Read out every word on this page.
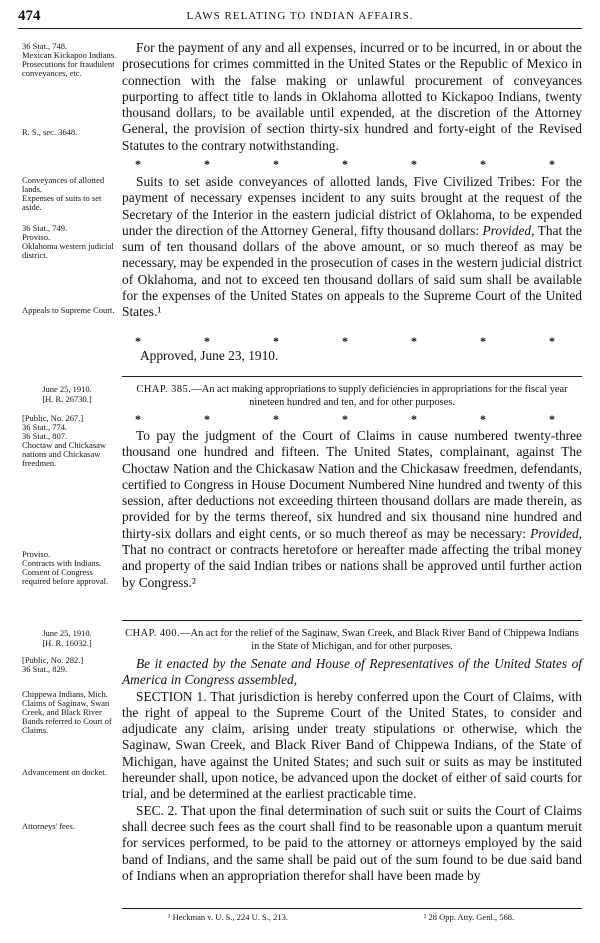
474	LAWS RELATING TO INDIAN AFFAIRS.
36 Stat., 748.
Mexican Kickapoo Indians.
Prosecutions for fraudulent conveyances, etc.
R. S., sec. 3648.

For the payment of any and all expenses, incurred or to be incurred, in or about the prosecutions for crimes committed in the United States or the Republic of Mexico in connection with the false making or unlawful procurement of conveyances purporting to affect title to lands in Oklahoma allotted to Kickapoo Indians, twenty thousand dollars, to be available until expended, at the discretion of the Attorney General, the provision of section thirty-six hundred and forty-eight of the Revised Statutes to the contrary notwithstanding.

*	*	*	*	*	*	*
Conveyances of allotted lands.
Expenses of suits to set aside.
36 Stat., 749.
Proviso.
Oklahoma western judicial district.
Appeals to Supreme Court.

Suits to set aside conveyances of allotted lands, Five Civilized Tribes: For the payment of necessary expenses incident to any suits brought at the request of the Secretary of the Interior in the eastern judicial district of Oklahoma, to be expended under the direction of the Attorney General, fifty thousand dollars: Provided, That the sum of ten thousand dollars of the above amount, or so much thereof as may be necessary, may be expended in the prosecution of cases in the western judicial district of Oklahoma, and not to exceed ten thousand dollars of said sum shall be available for the expenses of the United States on appeals to the Supreme Court of the United States.¹

*	*	*	*	*	*	*
Approved, June 23, 1910.
June 25, 1910.
[H. R. 26730.]
CHAP. 385.—An act making appropriations to supply deficiencies in appropriations for the fiscal year nineteen hundred and ten, and for other purposes.
[Public, No. 267.]
36 Stat., 774.
36 Stat., 807.
Choctaw and Chickasaw nations and Chickasaw freedmen.
*	*	*	*	*	*	*
Proviso.
Contracts with Indians.
Consent of Congress required before approval.

To pay the judgment of the Court of Claims in cause numbered twenty-three thousand one hundred and fifteen. The United States, complainant, against The Choctaw Nation and the Chickasaw Nation and the Chickasaw freedmen, defendants, certified to Congress in House Document Numbered Nine hundred and twenty of this session, after deductions not exceeding thirteen thousand dollars are made therein, as provided for by the terms thereof, six hundred and six thousand nine hundred and thirty-six dollars and eight cents, or so much thereof as may be necessary: Provided, That no contract or contracts heretofore or hereafter made affecting the tribal money and property of the said Indian tribes or nations shall be approved until further action by Congress.²

June 25, 1910.
[H. R. 16032.]
CHAP. 400.—An act for the relief of the Saginaw, Swan Creek, and Black River Band of Chippewa Indians in the State of Michigan, and for other purposes.
[Public, No. 282.]
36 Stat., 829.
Chippewa Indians, Mich.
Claims of Saginaw, Swan Creek, and Black River Bands referred to Court of Claims.
Advancement on docket.
Attorneys' fees.

Be it enacted by the Senate and House of Representatives of the United States of America in Congress assembled,

SECTION 1. That jurisdiction is hereby conferred upon the Court of Claims, with the right of appeal to the Supreme Court of the United States, to consider and adjudicate any claim, arising under treaty stipulations or otherwise, which the Saginaw, Swan Creek, and Black River Band of Chippewa Indians, of the State of Michigan, have against the United States; and such suit or suits as may be instituted hereunder shall, upon notice, be advanced upon the docket of either of said courts for trial, and be determined at the earliest practicable time.

SEC. 2. That upon the final determination of such suit or suits the Court of Claims shall decree such fees as the court shall find to be reasonable upon a quantum meruit for services performed, to be paid to the attorney or attorneys employed by the said band of Indians, and the same shall be paid out of the sum found to be due said band of Indians when an appropriation therefor shall have been made by

¹ Heckman v. U. S., 224 U. S., 213.	² 28 Opp. Atty. Genl., 568.
